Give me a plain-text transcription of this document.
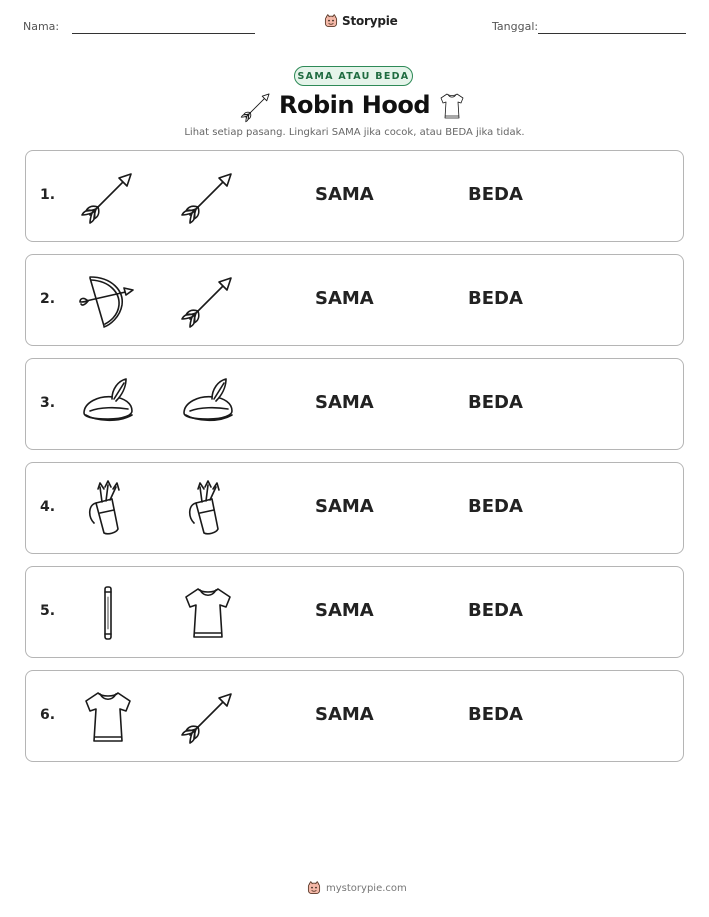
Nama:	Storypie	Tanggal:
SAMA ATAU BEDA
Robin Hood
Lihat setiap pasang. Lingkari SAMA jika cocok, atau BEDA jika tidak.
1.	SAMA	BEDA
2.	SAMA	BEDA
3.	SAMA	BEDA
4.	SAMA	BEDA
5.	SAMA	BEDA
6.	SAMA	BEDA
mystorypie.com
